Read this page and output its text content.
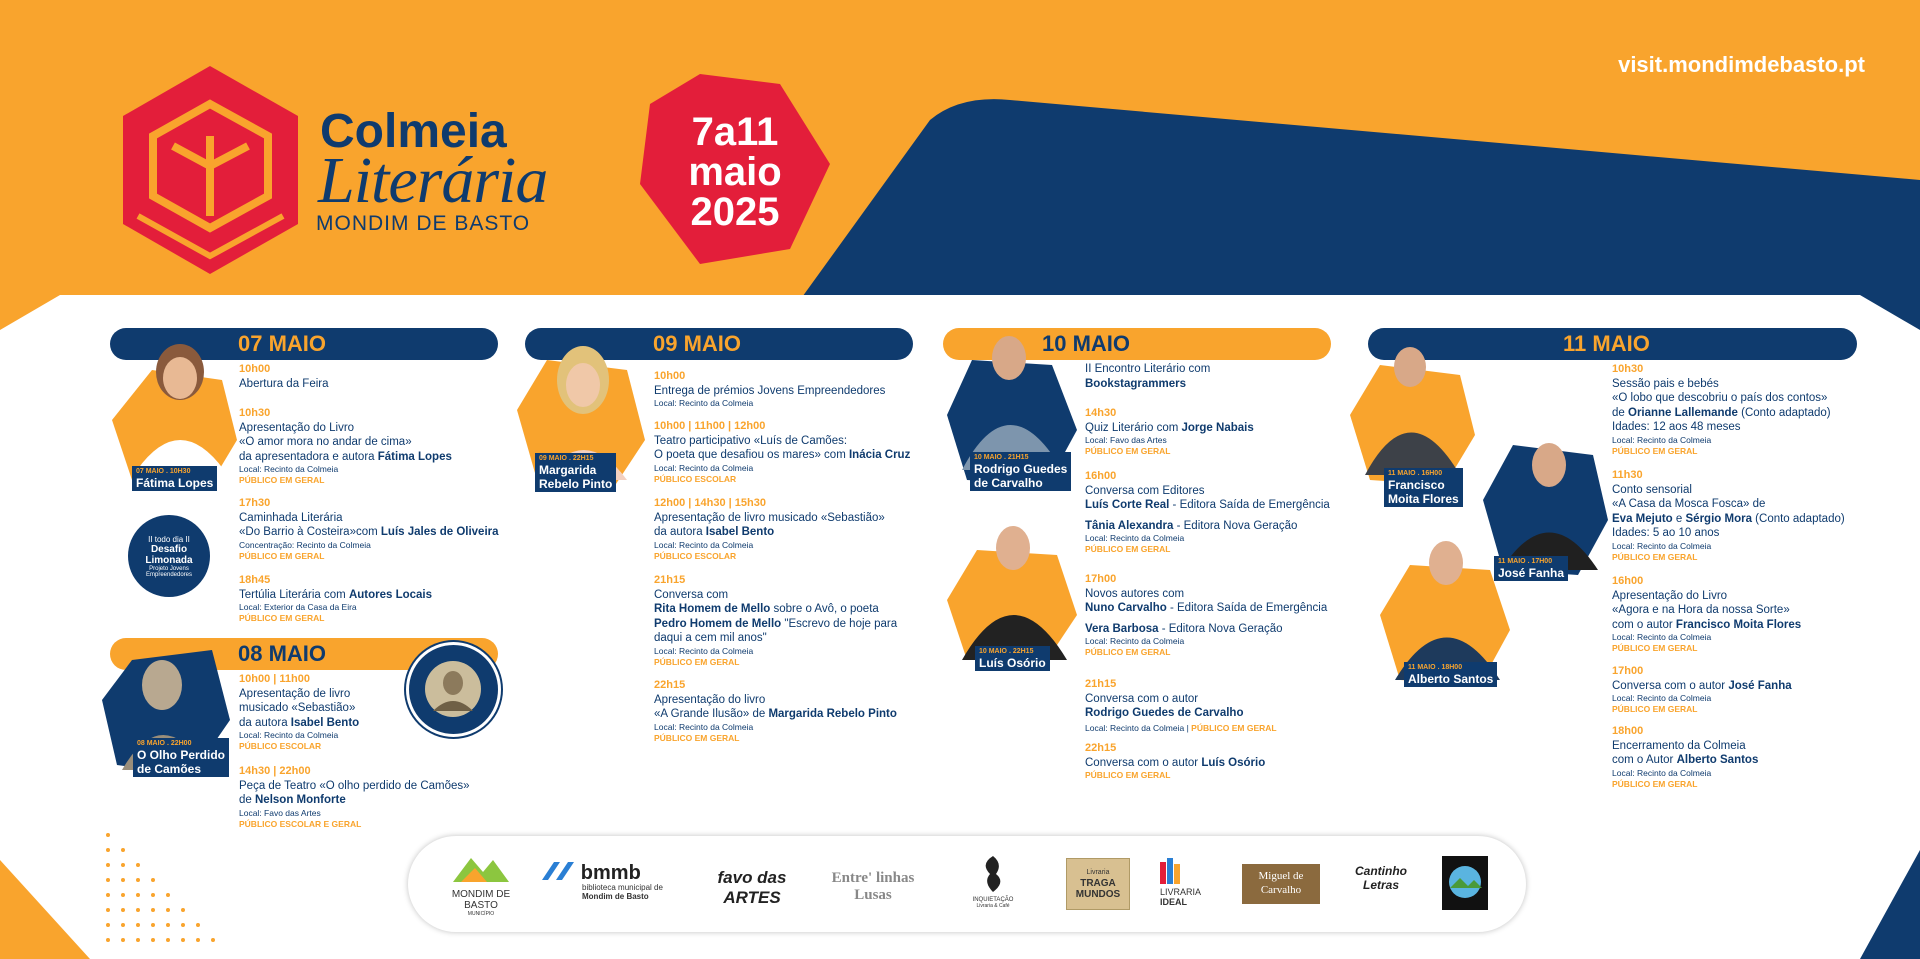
Colmeia
Literária
MONDIM DE BASTO
7a11
maio
2025
visit.mondimdebasto.pt
07 MAIO	09 MAIO	10 MAIO	11 MAIO
08 MAIO
07 MAIO . 10H30
Fátima Lopes
II todo dia II
Desafio
Limonada
Projeto Jovens
Empreendedores
08 MAIO . 22H00
O Olho Perdido
de Camões
09 MAIO . 22H15
Margarida
Rebelo Pinto
10 MAIO . 21H15
Rodrigo Guedes
de Carvalho
10 MAIO . 22H15
Luís Osório
11 MAIO . 16H00
Francisco
Moita Flores
11 MAIO . 17H00
José Fanha
11 MAIO . 18H00
Alberto Santos
10h00
Abertura da Feira
10h30
Apresentação do Livro
«O amor mora no andar de cima»
da apresentadora e autora Fátima Lopes
Local: Recinto da Colmeia
PÚBLICO EM GERAL
17h30
Caminhada Literária
«Do Barrio à Costeira»com Luís Jales de Oliveira
Concentração: Recinto da Colmeia
PÚBLICO EM GERAL
18h45
Tertúlia Literária com Autores Locais
Local: Exterior da Casa da Eira
PÚBLICO EM GERAL
10h00 | 11h00
Apresentação de livro
musicado «Sebastião»
da autora Isabel Bento
Local: Recinto da Colmeia
PÚBLICO ESCOLAR
14h30 | 22h00
Peça de Teatro «O olho perdido de Camões»
de Nelson Monforte
Local: Favo das Artes
PÚBLICO ESCOLAR E GERAL
10h00
Entrega de prémios Jovens Empreendedores
Local: Recinto da Colmeia
10h00 | 11h00 | 12h00
Teatro participativo «Luís de Camões:
O poeta que desafiou os mares» com Inácia Cruz
Local: Recinto da Colmeia
PÚBLICO ESCOLAR
12h00 | 14h30 | 15h30
Apresentação de livro musicado «Sebastião»
da autora Isabel Bento
Local: Recinto da Colmeia
PÚBLICO ESCOLAR
21h15
Conversa com
Rita Homem de Mello sobre o Avô, o poeta
Pedro Homem de Mello "Escrevo de hoje para
daqui a cem mil anos"
Local: Recinto da Colmeia
PÚBLICO EM GERAL
22h15
Apresentação do livro
«A Grande Ilusão» de Margarida Rebelo Pinto
Local: Recinto da Colmeia
PÚBLICO EM GERAL
II Encontro Literário com
Bookstagrammers
14h30
Quiz Literário com Jorge Nabais
Local: Favo das Artes
PÚBLICO EM GERAL
16h00
Conversa com Editores
Luís Corte Real - Editora Saída de Emergência
Tânia Alexandra - Editora Nova Geração
Local: Recinto da Colmeia
PÚBLICO EM GERAL
17h00
Novos autores com
Nuno Carvalho - Editora Saída de Emergência
Vera Barbosa - Editora Nova Geração
Local: Recinto da Colmeia
PÚBLICO EM GERAL
21h15
Conversa com o autor
Rodrigo Guedes de Carvalho
Local: Recinto da Colmeia | PÚBLICO EM GERAL
22h15
Conversa com o autor Luís Osório
PÚBLICO EM GERAL
10h30
Sessão pais e bebés
«O lobo que descobriu o país dos contos»
de Orianne Lallemande (Conto adaptado)
Idades: 12 aos 48 meses
Local: Recinto da Colmeia
PÚBLICO EM GERAL
11h30
Conto sensorial
«A Casa da Mosca Fosca» de
Eva Mejuto e Sérgio Mora (Conto adaptado)
Idades: 5 ao 10 anos
Local: Recinto da Colmeia
PÚBLICO EM GERAL
16h00
Apresentação do Livro
«Agora e na Hora da nossa Sorte»
com o autor Francisco Moita Flores
Local: Recinto da Colmeia
PÚBLICO EM GERAL
17h00
Conversa com o autor José Fanha
Local: Recinto da Colmeia
PÚBLICO EM GERAL
18h00
Encerramento da Colmeia
com o Autor Alberto Santos
Local: Recinto da Colmeia
PÚBLICO EM GERAL
MONDIM DE BASTO
MUNICÍPIO
bmmb
biblioteca municipal de
Mondim de Basto
favo das ARTES
Entre' linhas Lusas	INQUIETAÇÃO
Livraria & Café
Livraria
TRAGA
MUNDOS	LIVRARIA
IDEAL
Miguel de
Carvalho
Cantinho
Letras
